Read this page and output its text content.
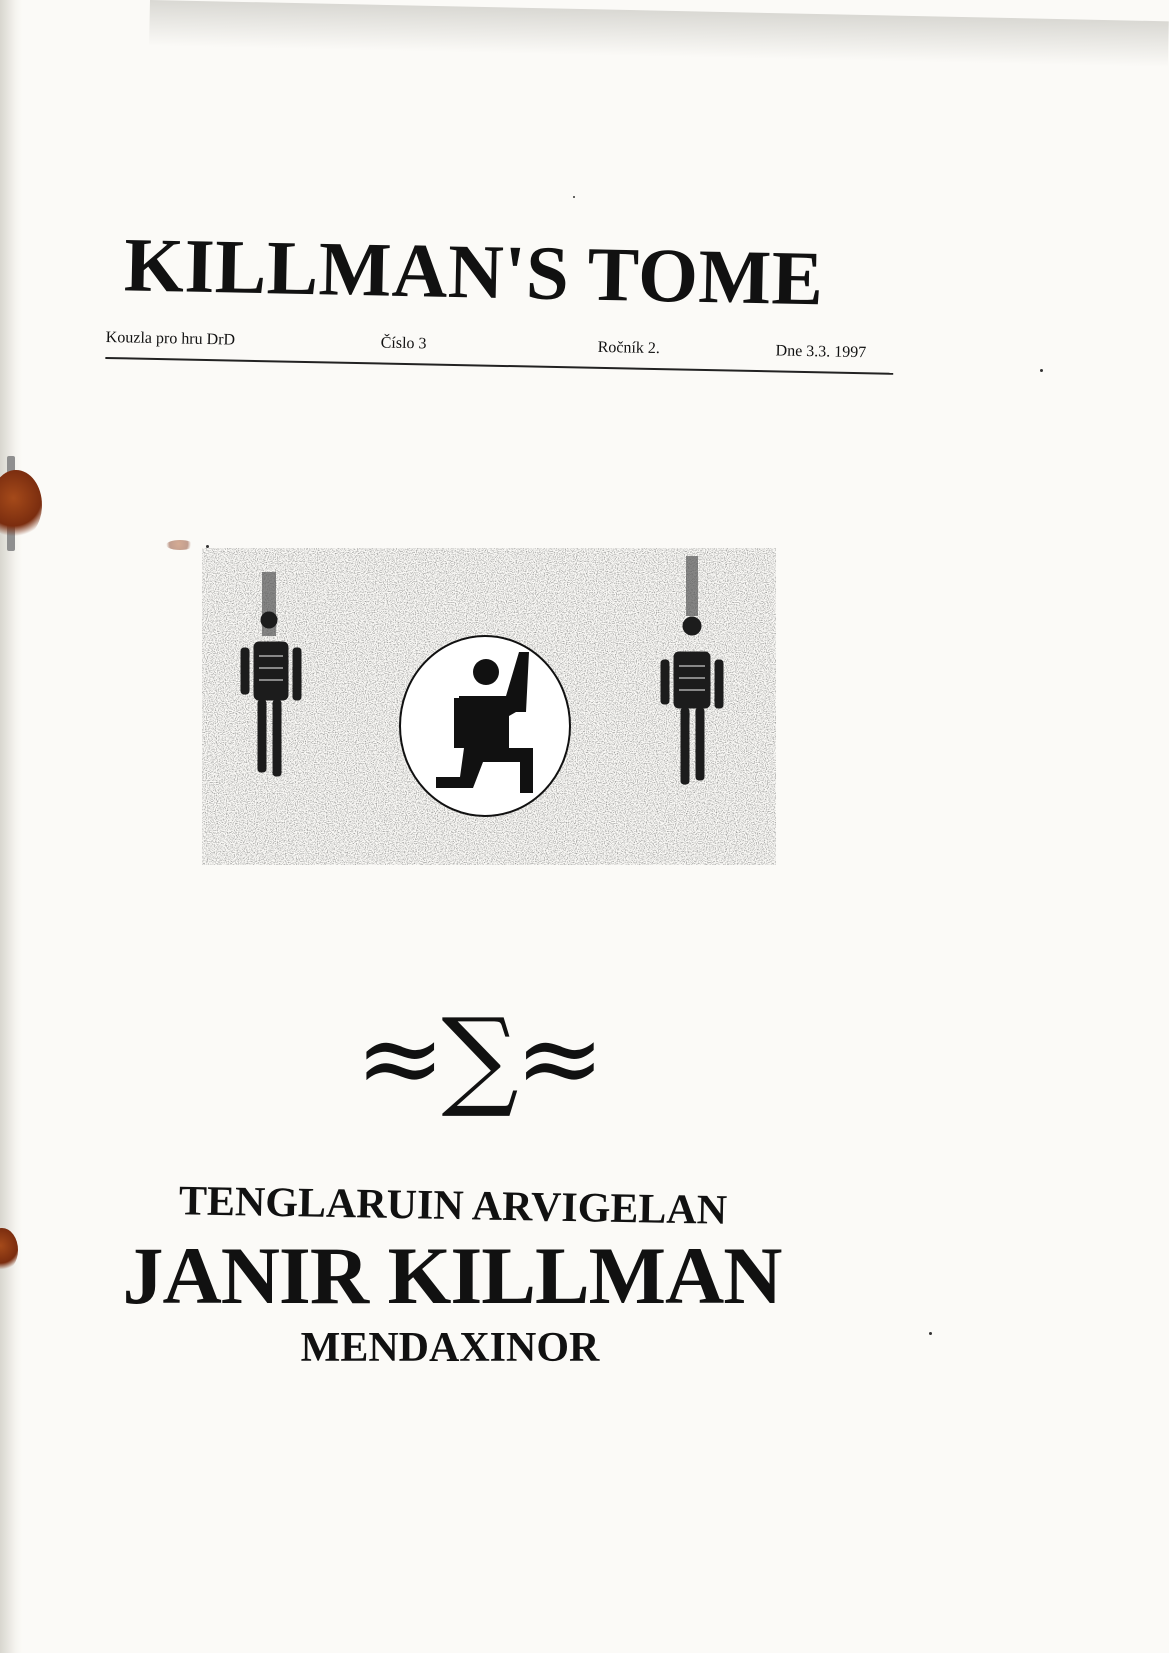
KILLMAN'S TOME
Kouzla pro hru DrD	Číslo 3	Ročník 2.	Dne 3.3. 1997
≈∑≈
TENGLARUIN ARVIGELAN
JANIR KILLMAN
MENDAXINOR
